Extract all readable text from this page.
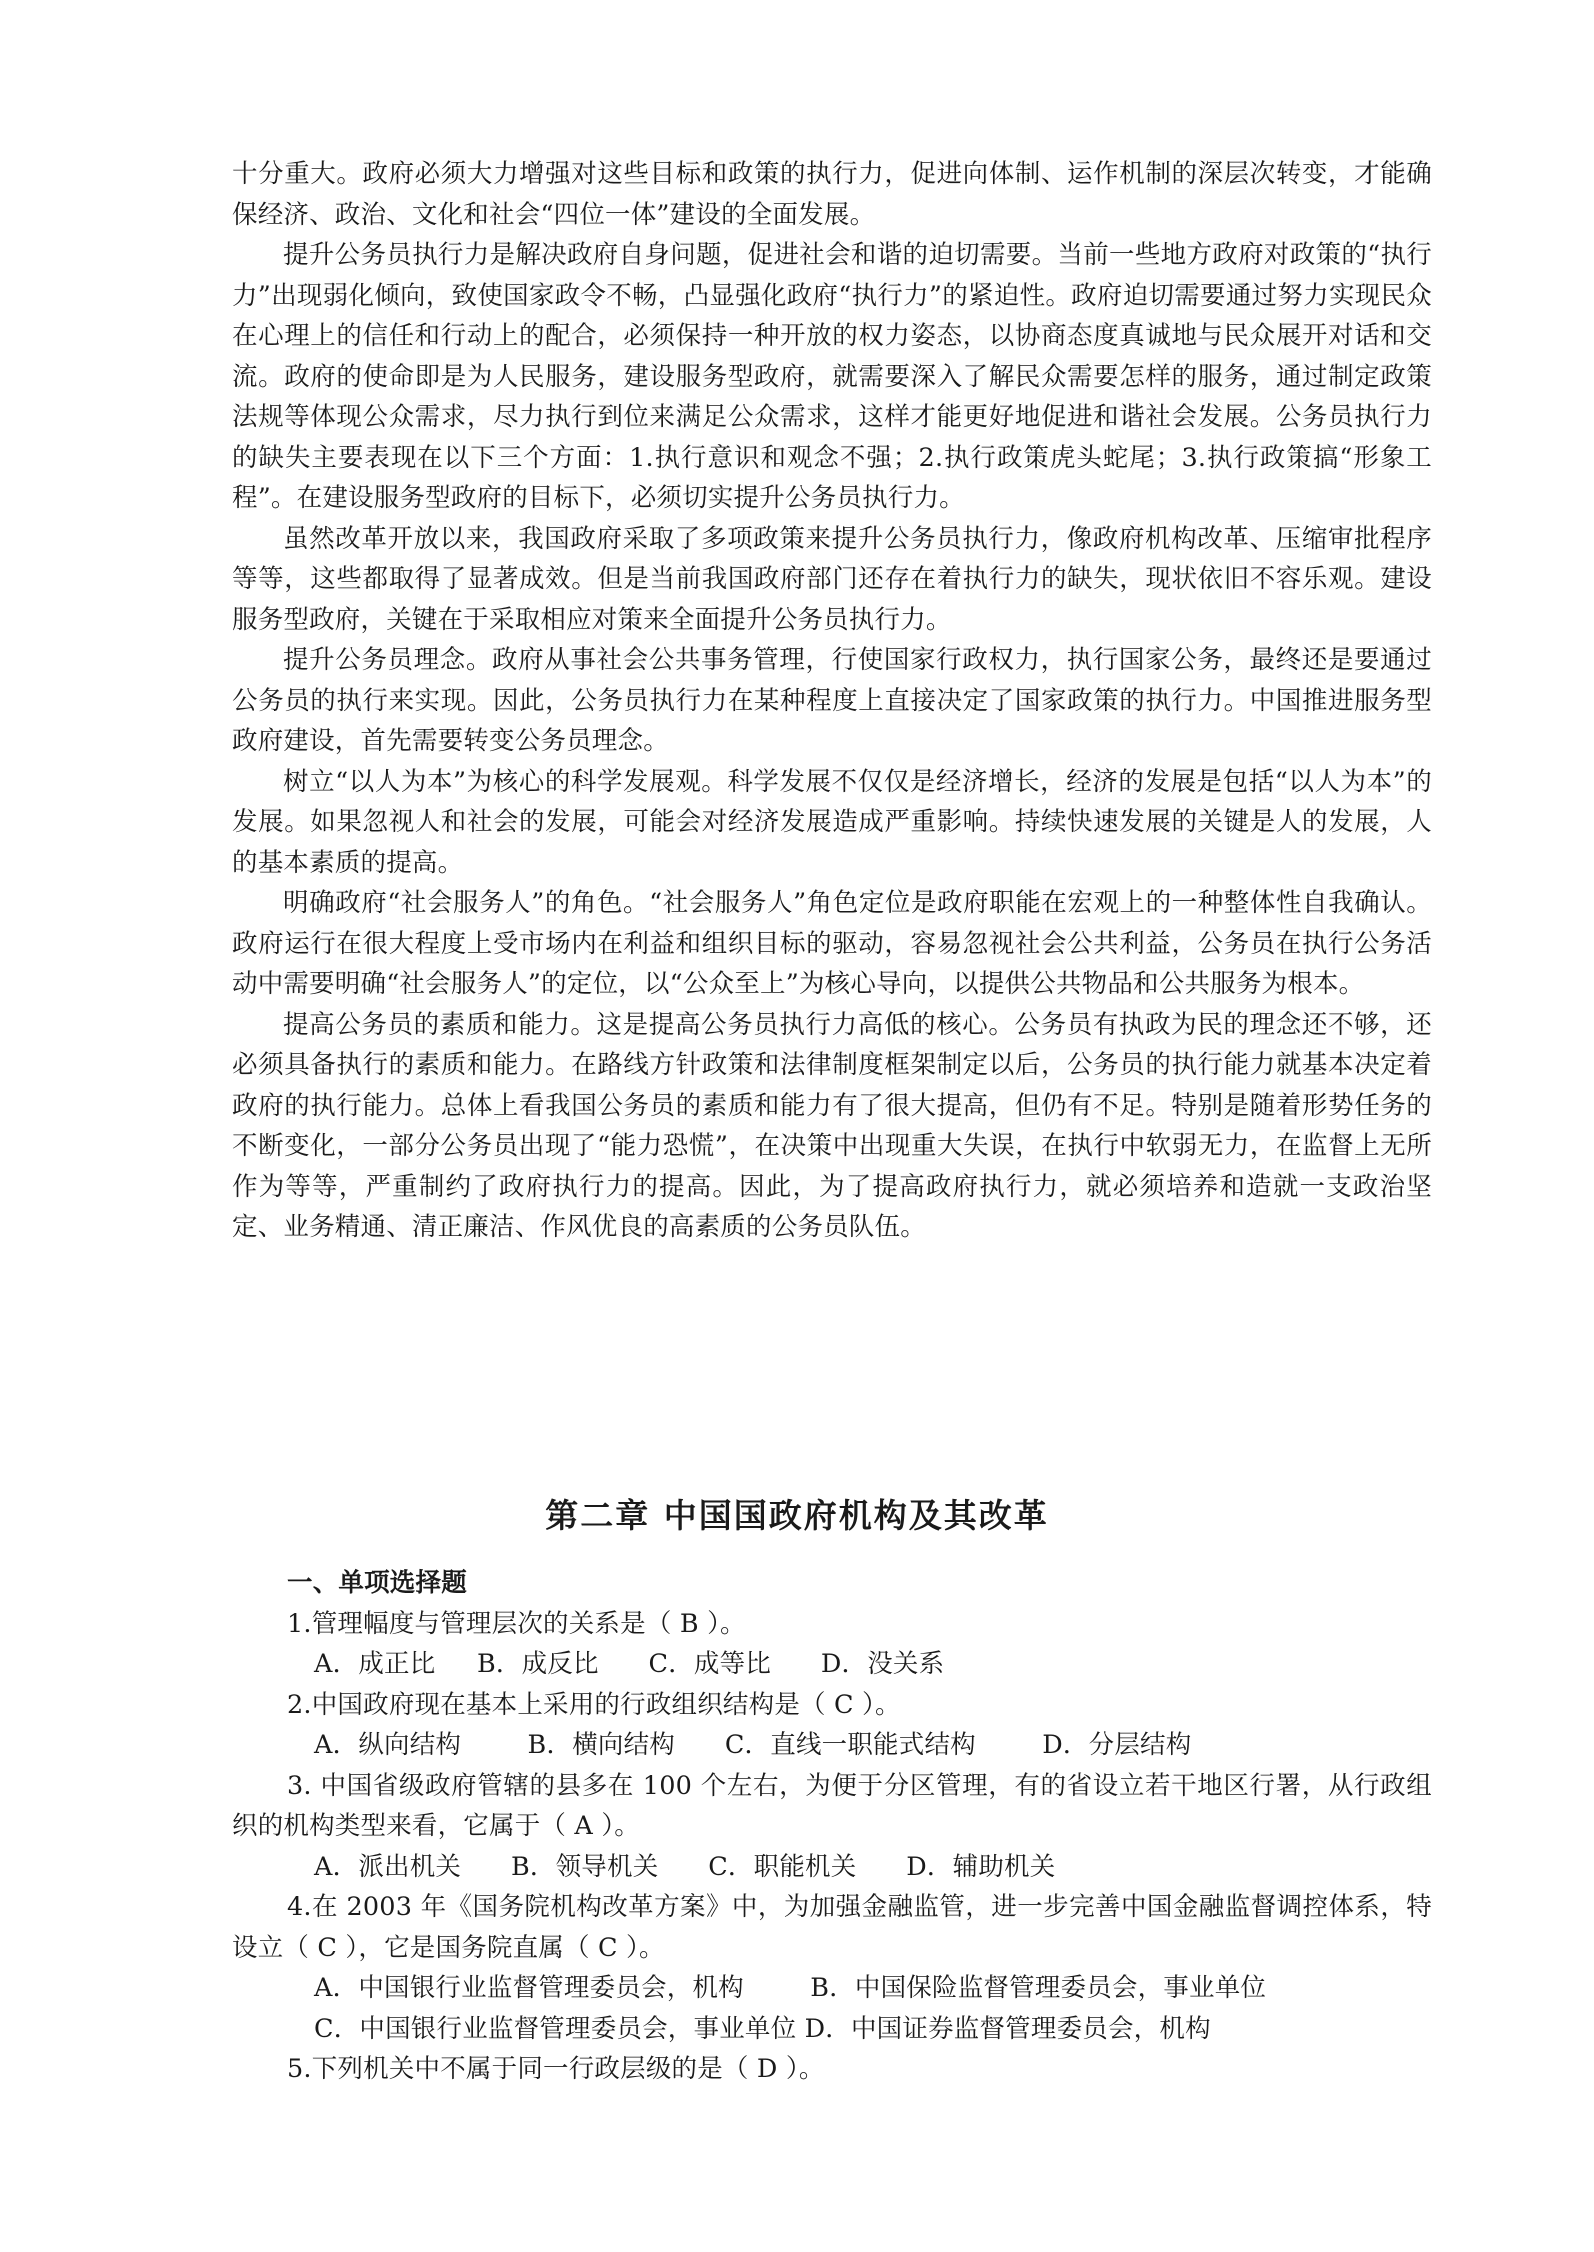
十分重大。政府必须大力增强对这些目标和政策的执行力，促进向体制、运作机制的深层次转变，才能确保经济、政治、文化和社会“四位一体”建设的全面发展。

提升公务员执行力是解决政府自身问题，促进社会和谐的迫切需要。当前一些地方政府对政策的“执行力”出现弱化倾向，致使国家政令不畅，凸显强化政府“执行力”的紧迫性。政府迫切需要通过努力实现民众在心理上的信任和行动上的配合，必须保持一种开放的权力姿态，以协商态度真诚地与民众展开对话和交流。政府的使命即是为人民服务，建设服务型政府，就需要深入了解民众需要怎样的服务，通过制定政策法规等体现公众需求，尽力执行到位来满足公众需求，这样才能更好地促进和谐社会发展。公务员执行力的缺失主要表现在以下三个方面：1.执行意识和观念不强；2.执行政策虎头蛇尾；3.执行政策搞“形象工程”。在建设服务型政府的目标下，必须切实提升公务员执行力。

虽然改革开放以来，我国政府采取了多项政策来提升公务员执行力，像政府机构改革、压缩审批程序等等，这些都取得了显著成效。但是当前我国政府部门还存在着执行力的缺失，现状依旧不容乐观。建设服务型政府，关键在于采取相应对策来全面提升公务员执行力。

提升公务员理念。政府从事社会公共事务管理，行使国家行政权力，执行国家公务，最终还是要通过公务员的执行来实现。因此，公务员执行力在某种程度上直接决定了国家政策的执行力。中国推进服务型政府建设，首先需要转变公务员理念。

树立“以人为本”为核心的科学发展观。科学发展不仅仅是经济增长，经济的发展是包括“以人为本”的发展。如果忽视人和社会的发展，可能会对经济发展造成严重影响。持续快速发展的关键是人的发展，人的基本素质的提高。

明确政府“社会服务人”的角色。“社会服务人”角色定位是政府职能在宏观上的一种整体性自我确认。政府运行在很大程度上受市场内在利益和组织目标的驱动，容易忽视社会公共利益，公务员在执行公务活动中需要明确“社会服务人”的定位，以“公众至上”为核心导向，以提供公共物品和公共服务为根本。

提高公务员的素质和能力。这是提高公务员执行力高低的核心。公务员有执政为民的理念还不够，还必须具备执行的素质和能力。在路线方针政策和法律制度框架制定以后，公务员的执行能力就基本决定着政府的执行能力。总体上看我国公务员的素质和能力有了很大提高，但仍有不足。特别是随着形势任务的不断变化，一部分公务员出现了“能力恐慌”，在决策中出现重大失误，在执行中软弱无力，在监督上无所作为等等，严重制约了政府执行力的提高。因此，为了提高政府执行力，就必须培养和造就一支政治坚定、业务精通、清正廉洁、作风优良的高素质的公务员队伍。

第二章 中国国政府机构及其改革

一、单项选择题

1.管理幅度与管理层次的关系是（ B ）。

A．成正比     B．成反比      C．成等比      D．没关系

2.中国政府现在基本上采用的行政组织结构是（ C ）。

A．纵向结构        B．横向结构      C．直线一职能式结构        D．分层结构

3. 中国省级政府管辖的县多在 100 个左右，为便于分区管理，有的省设立若干地区行署，从行政组织的机构类型来看，它属于（ A ）。

A．派出机关      B．领导机关      C．职能机关      D．辅助机关

4.在 2003 年《国务院机构改革方案》中，为加强金融监管，进一步完善中国金融监督调控体系，特设立（ C ），它是国务院直属（ C ）。

A．中国银行业监督管理委员会，机构        B．中国保险监督管理委员会，事业单位

C．中国银行业监督管理委员会，事业单位 D．中国证券监督管理委员会，机构

5.下列机关中不属于同一行政层级的是（ D ）。
